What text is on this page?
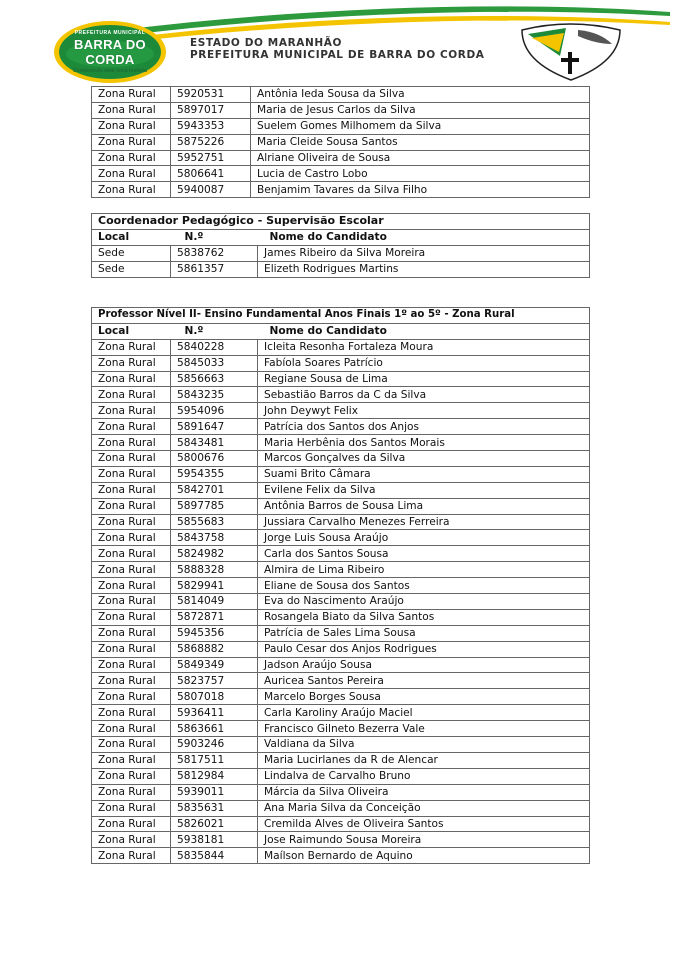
PREFEITURA MUNICIPAL
BARRA DO CORDA
Construindo uma nova história
ESTADO DO MARANHÃO
PREFEITURA MUNICIPAL DE BARRA DO CORDA
Zona Rural	5920531	Antônia Ieda Sousa da Silva
Zona Rural	5897017	Maria de Jesus Carlos da Silva
Zona Rural	5943353	Suelem Gomes Milhomem da Silva
Zona Rural	5875226	Maria Cleide Sousa Santos
Zona Rural	5952751	Alriane Oliveira de Sousa
Zona Rural	5806641	Lucia de Castro Lobo
Zona Rural	5940087	Benjamim Tavares da Silva Filho
Coordenador Pedagógico - Supervisão Escolar		
Local	N.º	Nome do Candidato
Sede	5838762	James Ribeiro da Silva Moreira
Sede	5861357	Elizeth Rodrigues Martins
Professor Nível II- Ensino Fundamental Anos Finais 1º ao 5º - Zona Rural		
Local	N.º	Nome do Candidato
Zona Rural	5840228	Icleita Resonha Fortaleza Moura
Zona Rural	5845033	Fabíola Soares Patrício
Zona Rural	5856663	Regiane Sousa de Lima
Zona Rural	5843235	Sebastião Barros da C da Silva
Zona Rural	5954096	John Deywyt Felix
Zona Rural	5891647	Patrícia dos Santos dos Anjos
Zona Rural	5843481	Maria Herbênia dos Santos Morais
Zona Rural	5800676	Marcos Gonçalves da Silva
Zona Rural	5954355	Suami Brito Câmara
Zona Rural	5842701	Evilene Felix da Silva
Zona Rural	5897785	Antônia Barros de Sousa Lima
Zona Rural	5855683	Jussiara Carvalho Menezes Ferreira
Zona Rural	5843758	Jorge Luis Sousa Araújo
Zona Rural	5824982	Carla dos Santos Sousa
Zona Rural	5888328	Almira de Lima Ribeiro
Zona Rural	5829941	Eliane de Sousa dos Santos
Zona Rural	5814049	Eva do Nascimento Araújo
Zona Rural	5872871	Rosangela Biato da Silva Santos
Zona Rural	5945356	Patrícia de Sales Lima Sousa
Zona Rural	5868882	Paulo Cesar dos Anjos Rodrigues
Zona Rural	5849349	Jadson Araújo Sousa
Zona Rural	5823757	Auricea Santos Pereira
Zona Rural	5807018	Marcelo Borges Sousa
Zona Rural	5936411	Carla Karoliny Araújo Maciel
Zona Rural	5863661	Francisco Gilneto Bezerra Vale
Zona Rural	5903246	Valdiana da Silva
Zona Rural	5817511	Maria Lucirlanes da R de Alencar
Zona Rural	5812984	Lindalva de Carvalho Bruno
Zona Rural	5939011	Márcia da Silva Oliveira
Zona Rural	5835631	Ana Maria Silva da Conceição
Zona Rural	5826021	Cremilda Alves de Oliveira Santos
Zona Rural	5938181	Jose Raimundo Sousa Moreira
Zona Rural	5835844	Maílson Bernardo de Aquino
